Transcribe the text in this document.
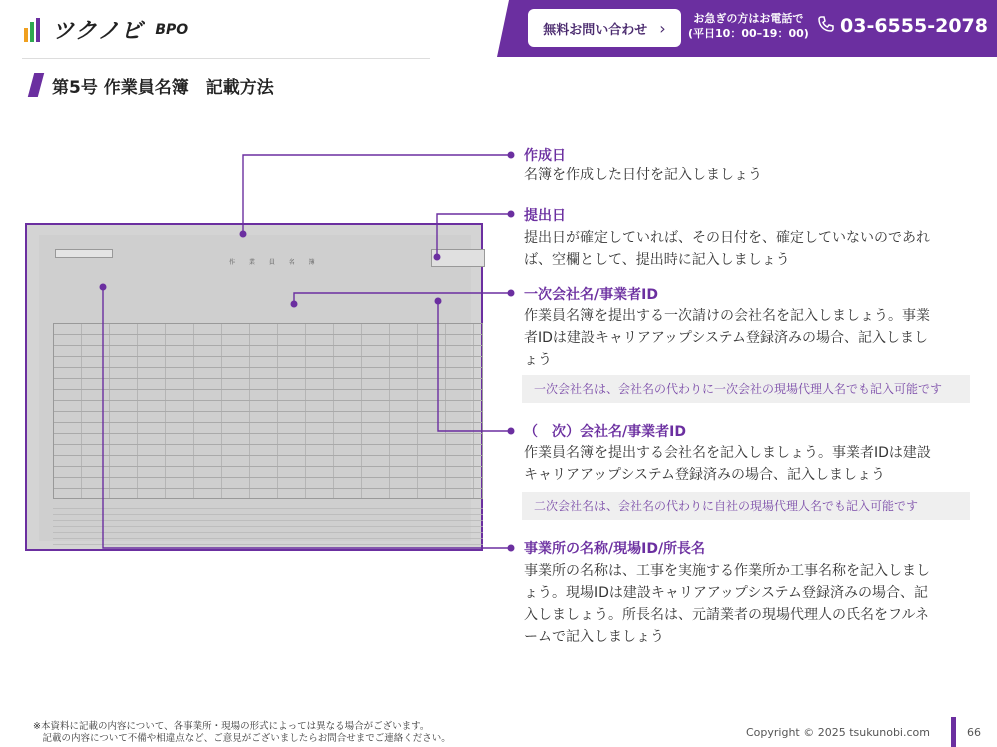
ツクノビ BPO	無料お問い合わせ ›	お急ぎの方はお電話で
(平日10：00–19：00) 03-6555-2078
第5号 作業員名簿　記載方法
作 業 員 名 簿
作成日
名簿を作成した日付を記入しましょう
提出日
提出日が確定していれば、その日付を、確定していないのであれ
ば、空欄として、提出時に記入しましょう
一次会社名/事業者ID
作業員名簿を提出する一次請けの会社名を記入しましょう。事業
者IDは建設キャリアアップシステム登録済みの場合、記入しまし
ょう
一次会社名は、会社名の代わりに一次会社の現場代理人名でも記入可能です
（　次）会社名/事業者ID
作業員名簿を提出する会社名を記入しましょう。事業者IDは建設
キャリアアップシステム登録済みの場合、記入しましょう
二次会社名は、会社名の代わりに自社の現場代理人名でも記入可能です
事業所の名称/現場ID/所長名
事業所の名称は、工事を実施する作業所か工事名称を記入しまし
ょう。現場IDは建設キャリアアップシステム登録済みの場合、記
入しましょう。所長名は、元請業者の現場代理人の氏名をフルネ
ームで記入しましょう
※本資料に記載の内容について、各事業所・現場の形式によっては異なる場合がございます。
　記載の内容について不備や相違点など、ご意見がございましたらお問合せまでご連絡ください。	Copyright © 2025 tsukunobi.com	66
